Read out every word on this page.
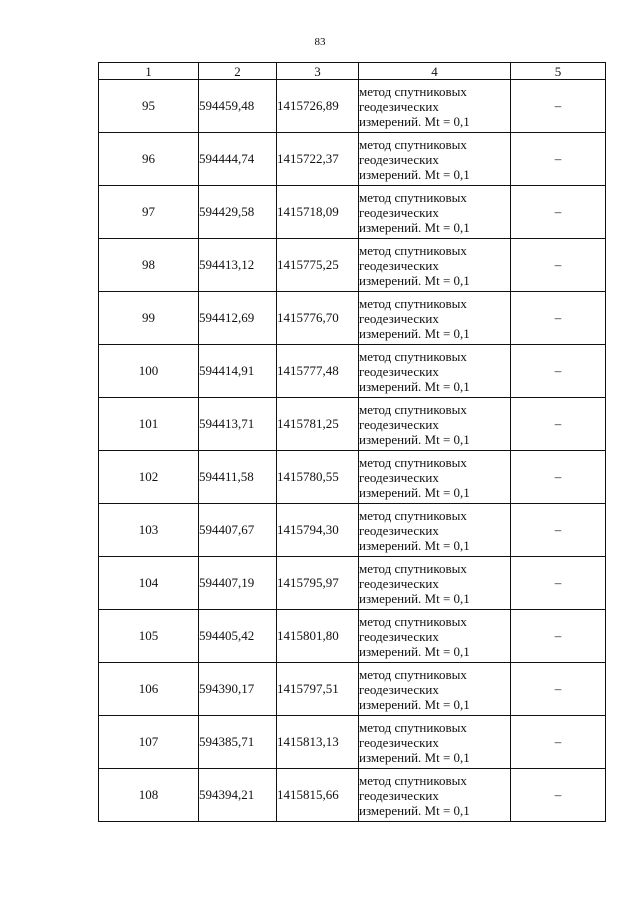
83
1	2	3	4	5
95	594459,48	1415726,89	метод спутниковых
геодезических
измерений. Mt = 0,1	–
96	594444,74	1415722,37	метод спутниковых
геодезических
измерений. Mt = 0,1	–
97	594429,58	1415718,09	метод спутниковых
геодезических
измерений. Mt = 0,1	–
98	594413,12	1415775,25	метод спутниковых
геодезических
измерений. Mt = 0,1	–
99	594412,69	1415776,70	метод спутниковых
геодезических
измерений. Mt = 0,1	–
100	594414,91	1415777,48	метод спутниковых
геодезических
измерений. Mt = 0,1	–
101	594413,71	1415781,25	метод спутниковых
геодезических
измерений. Mt = 0,1	–
102	594411,58	1415780,55	метод спутниковых
геодезических
измерений. Mt = 0,1	–
103	594407,67	1415794,30	метод спутниковых
геодезических
измерений. Mt = 0,1	–
104	594407,19	1415795,97	метод спутниковых
геодезических
измерений. Mt = 0,1	–
105	594405,42	1415801,80	метод спутниковых
геодезических
измерений. Mt = 0,1	–
106	594390,17	1415797,51	метод спутниковых
геодезических
измерений. Mt = 0,1	–
107	594385,71	1415813,13	метод спутниковых
геодезических
измерений. Mt = 0,1	–
108	594394,21	1415815,66	метод спутниковых
геодезических
измерений. Mt = 0,1	–
